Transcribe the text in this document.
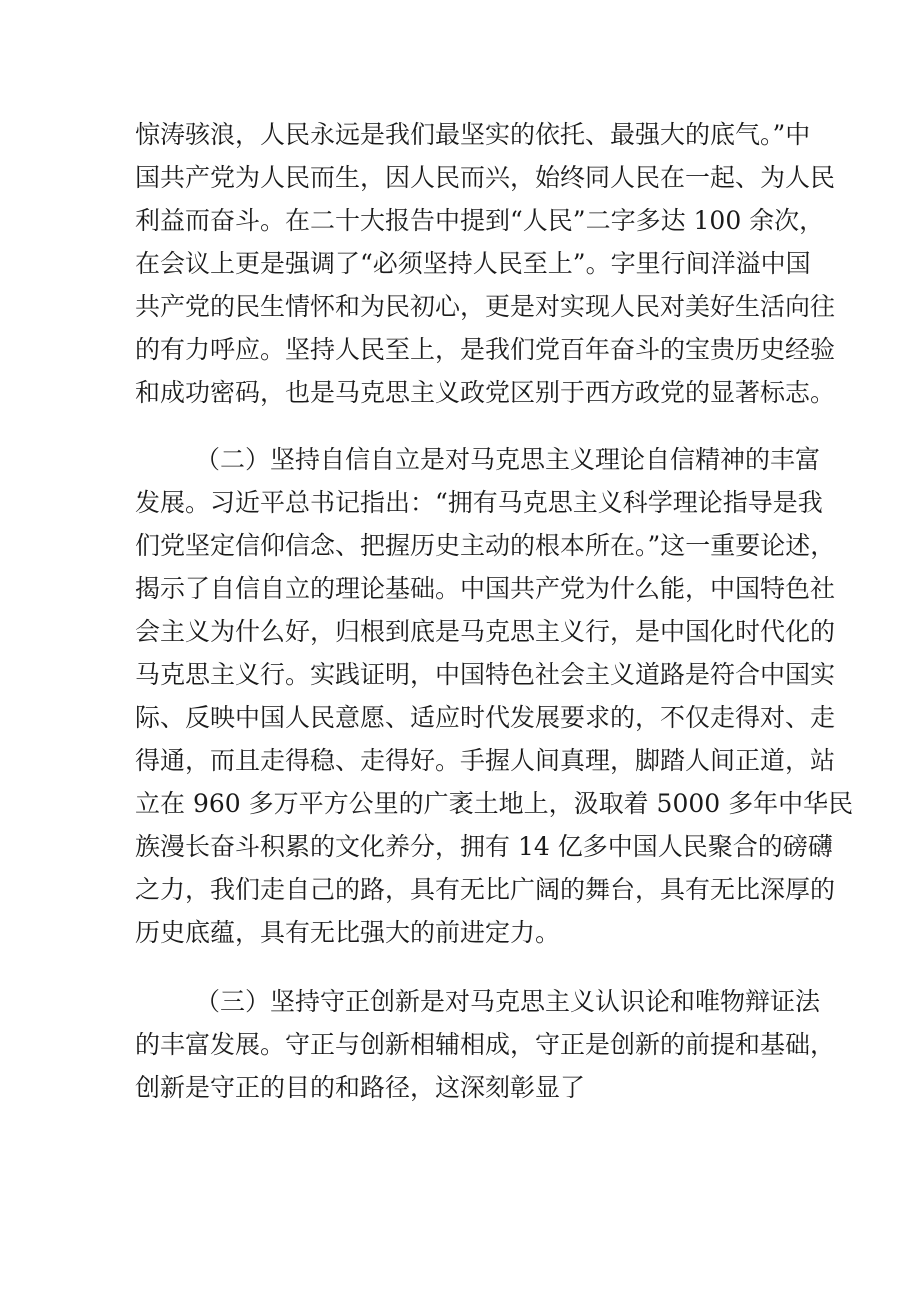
惊涛骇浪，人民永远是我们最坚实的依托、最强大的底气。”中
国共产党为人民而生，因人民而兴，始终同人民在一起、为人民
利益而奋斗。在二十大报告中提到“人民”二字多达 100 余次，
在会议上更是强调了“必须坚持人民至上”。字里行间洋溢中国
共产党的民生情怀和为民初心，更是对实现人民对美好生活向往
的有力呼应。坚持人民至上，是我们党百年奋斗的宝贵历史经验
和成功密码，也是马克思主义政党区别于西方政党的显著标志。

（二）坚持自信自立是对马克思主义理论自信精神的丰富
发展。习近平总书记指出：“拥有马克思主义科学理论指导是我
们党坚定信仰信念、把握历史主动的根本所在。”这一重要论述，
揭示了自信自立的理论基础。中国共产党为什么能，中国特色社
会主义为什么好，归根到底是马克思主义行，是中国化时代化的
马克思主义行。实践证明，中国特色社会主义道路是符合中国实
际、反映中国人民意愿、适应时代发展要求的，不仅走得对、走
得通，而且走得稳、走得好。手握人间真理，脚踏人间正道，站
立在 960 多万平方公里的广袤土地上，汲取着 5000 多年中华民
族漫长奋斗积累的文化养分，拥有 14 亿多中国人民聚合的磅礴
之力，我们走自己的路，具有无比广阔的舞台，具有无比深厚的
历史底蕴，具有无比强大的前进定力。

（三）坚持守正创新是对马克思主义认识论和唯物辩证法
的丰富发展。守正与创新相辅相成，守正是创新的前提和基础，
创新是守正的目的和路径，这深刻彰显了
